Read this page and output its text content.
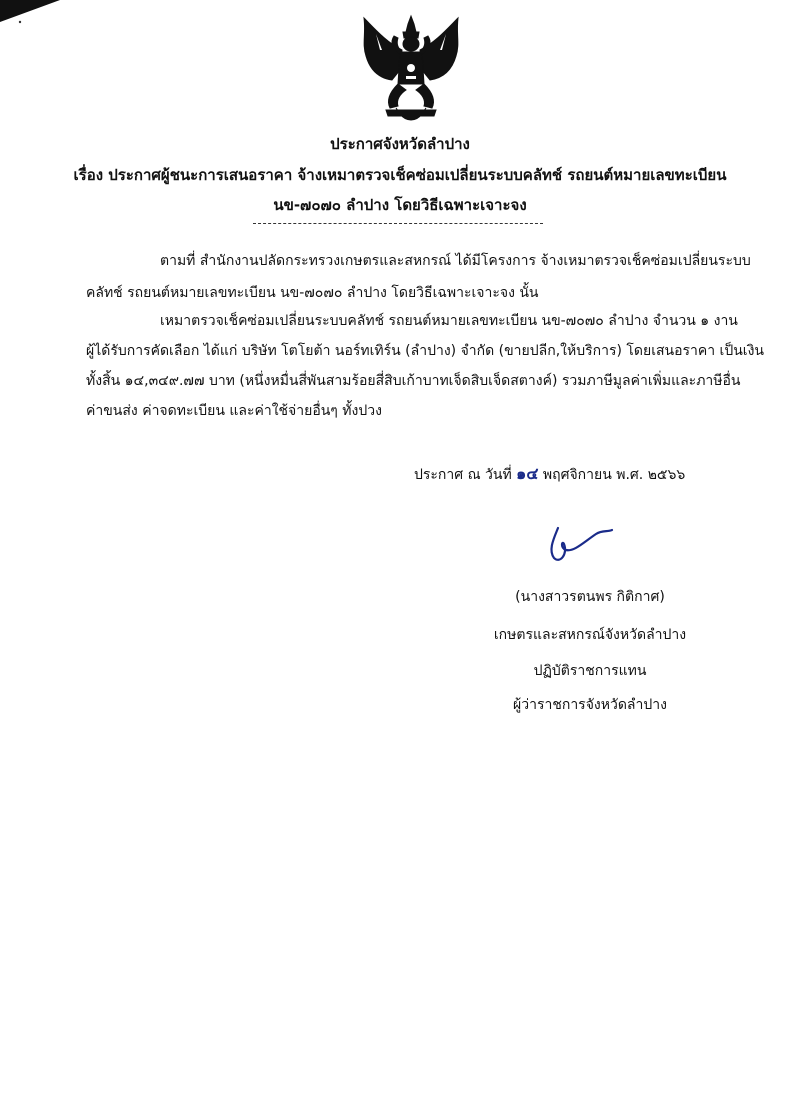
ประกาศจังหวัดลำปาง
เรื่อง ประกาศผู้ชนะการเสนอราคา จ้างเหมาตรวจเช็คซ่อมเปลี่ยนระบบคลัทช์ รถยนต์หมายเลขทะเบียน
นข-๗๐๗๐ ลำปาง โดยวิธีเฉพาะเจาะจง
ตามที่ สำนักงานปลัดกระทรวงเกษตรและสหกรณ์ ได้มีโครงการ จ้างเหมาตรวจเช็คซ่อมเปลี่ยนระบบ
คลัทช์ รถยนต์หมายเลขทะเบียน นข-๗๐๗๐ ลำปาง โดยวิธีเฉพาะเจาะจง นั้น
เหมาตรวจเช็คซ่อมเปลี่ยนระบบคลัทช์ รถยนต์หมายเลขทะเบียน นข-๗๐๗๐ ลำปาง จำนวน ๑ งาน
ผู้ได้รับการคัดเลือก ได้แก่ บริษัท โตโยต้า นอร์ทเทิร์น (ลำปาง) จำกัด (ขายปลีก,ให้บริการ) โดยเสนอราคา เป็นเงิน
ทั้งสิ้น ๑๔,๓๔๙.๗๗ บาท (หนึ่งหมื่นสี่พันสามร้อยสี่สิบเก้าบาทเจ็ดสิบเจ็ดสตางค์) รวมภาษีมูลค่าเพิ่มและภาษีอื่น
ค่าขนส่ง ค่าจดทะเบียน และค่าใช้จ่ายอื่นๆ ทั้งปวง
ประกาศ ณ วันที่ ๑๔ พฤศจิกายน พ.ศ. ๒๕๖๖
(นางสาวรตนพร กิติกาศ)
เกษตรและสหกรณ์จังหวัดลำปาง
ปฏิบัติราชการแทน
ผู้ว่าราชการจังหวัดลำปาง
